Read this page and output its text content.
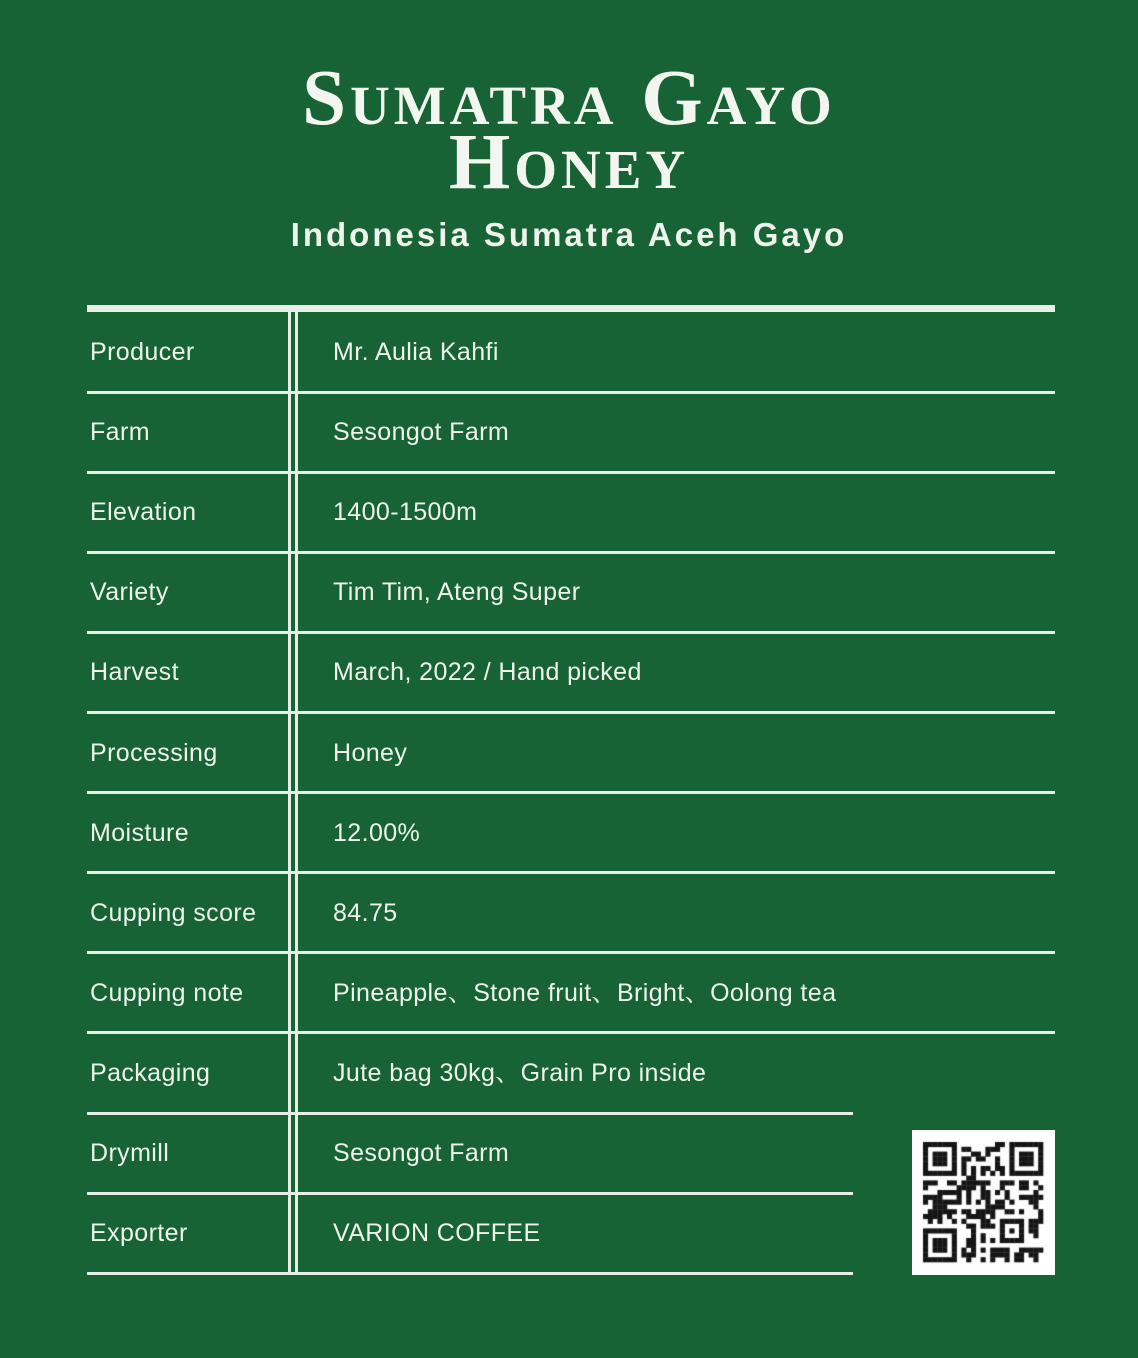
Sumatra Gayo
Honey
Indonesia Sumatra Aceh Gayo
Producer	Mr. Aulia Kahfi
Farm	Sesongot Farm
Elevation	1400-1500m
Variety	Tim Tim, Ateng Super
Harvest	March, 2022 / Hand picked
Processing	Honey
Moisture	12.00%
Cupping score	84.75
Cupping note	Pineapple、Stone fruit、Bright、Oolong tea
Packaging	Jute bag 30kg、Grain Pro inside
Drymill	Sesongot Farm
Exporter	VARION COFFEE
